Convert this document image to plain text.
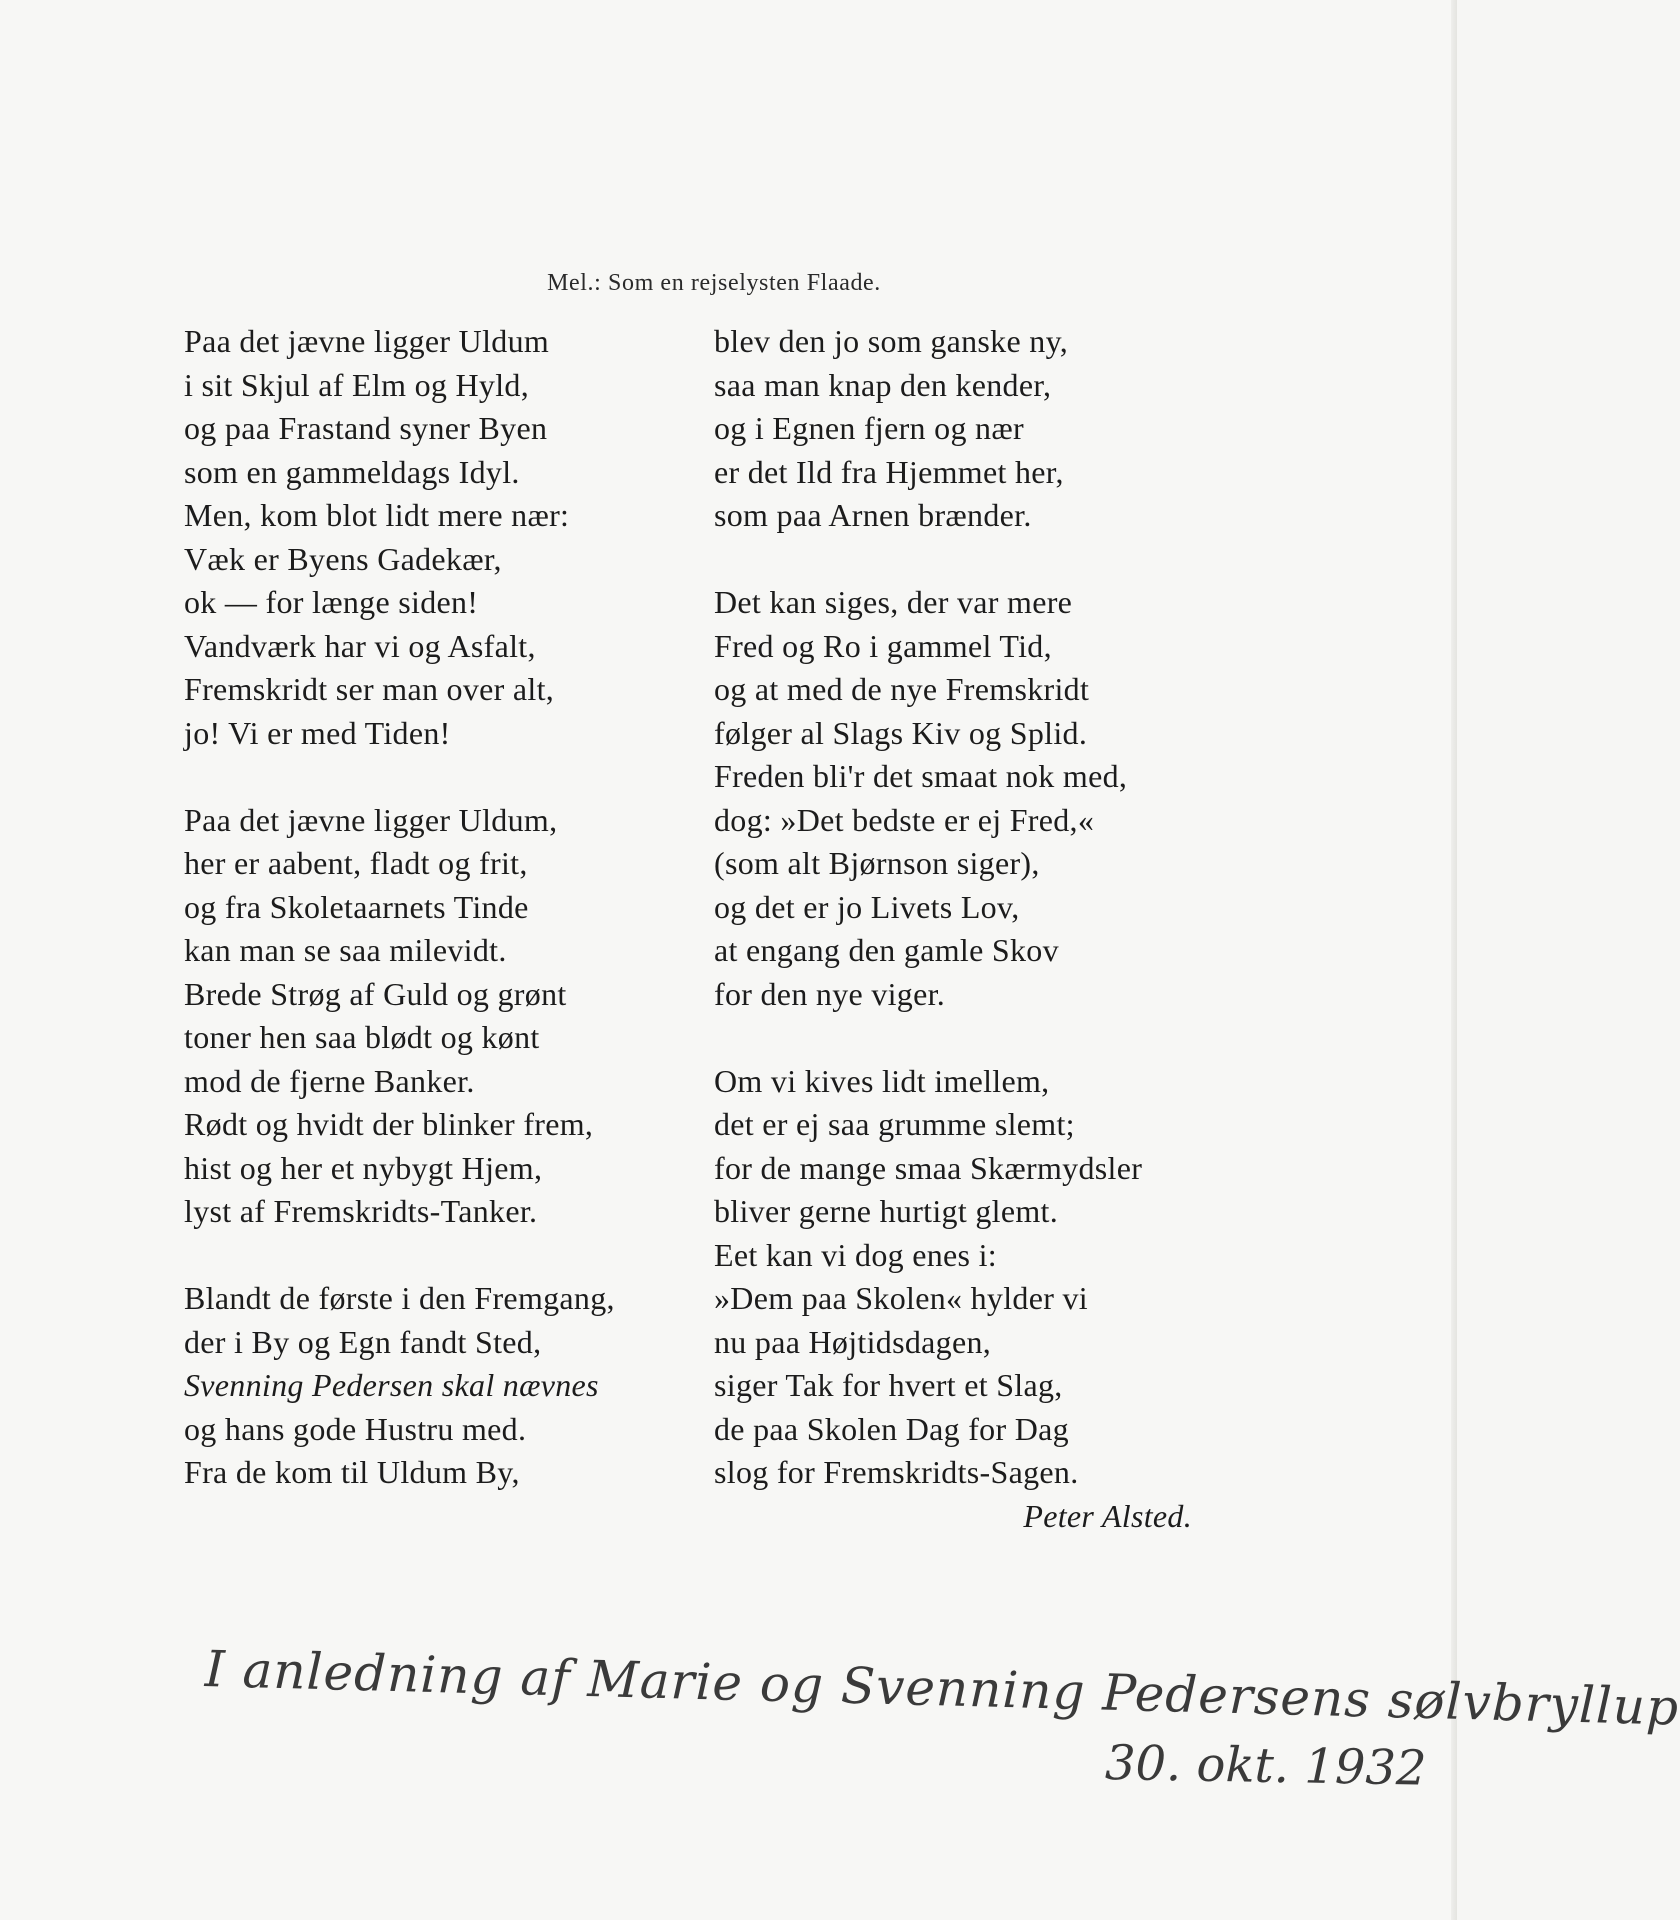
Mel.: Som en rejselysten Flaade.
Paa det jævne ligger Uldum
i sit Skjul af Elm og Hyld,
og paa Frastand syner Byen
som en gammeldags Idyl.
Men, kom blot lidt mere nær:
Væk er Byens Gadekær,
ok — for længe siden!
Vandværk har vi og Asfalt,
Fremskridt ser man over alt,
jo! Vi er med Tiden!
Paa det jævne ligger Uldum,
her er aabent, fladt og frit,
og fra Skoletaarnets Tinde
kan man se saa milevidt.
Brede Strøg af Guld og grønt
toner hen saa blødt og kønt
mod de fjerne Banker.
Rødt og hvidt der blinker frem,
hist og her et nybygt Hjem,
lyst af Fremskridts-Tanker.
Blandt de første i den Fremgang,
der i By og Egn fandt Sted,
Svenning Pedersen skal nævnes
og hans gode Hustru med.
Fra de kom til Uldum By,
blev den jo som ganske ny,
saa man knap den kender,
og i Egnen fjern og nær
er det Ild fra Hjemmet her,
som paa Arnen brænder.
Det kan siges, der var mere
Fred og Ro i gammel Tid,
og at med de nye Fremskridt
følger al Slags Kiv og Splid.
Freden bli'r det smaat nok med,
dog: »Det bedste er ej Fred,«
(som alt Bjørnson siger),
og det er jo Livets Lov,
at engang den gamle Skov
for den nye viger.
Om vi kives lidt imellem,
det er ej saa grumme slemt;
for de mange smaa Skærmydsler
bliver gerne hurtigt glemt.
Eet kan vi dog enes i:
»Dem paa Skolen« hylder vi
nu paa Højtidsdagen,
siger Tak for hvert et Slag,
de paa Skolen Dag for Dag
slog for Fremskridts-Sagen.
Peter Alsted.
I anledning af Marie og Svenning Pedersens sølvbryllup
30. okt. 1932
